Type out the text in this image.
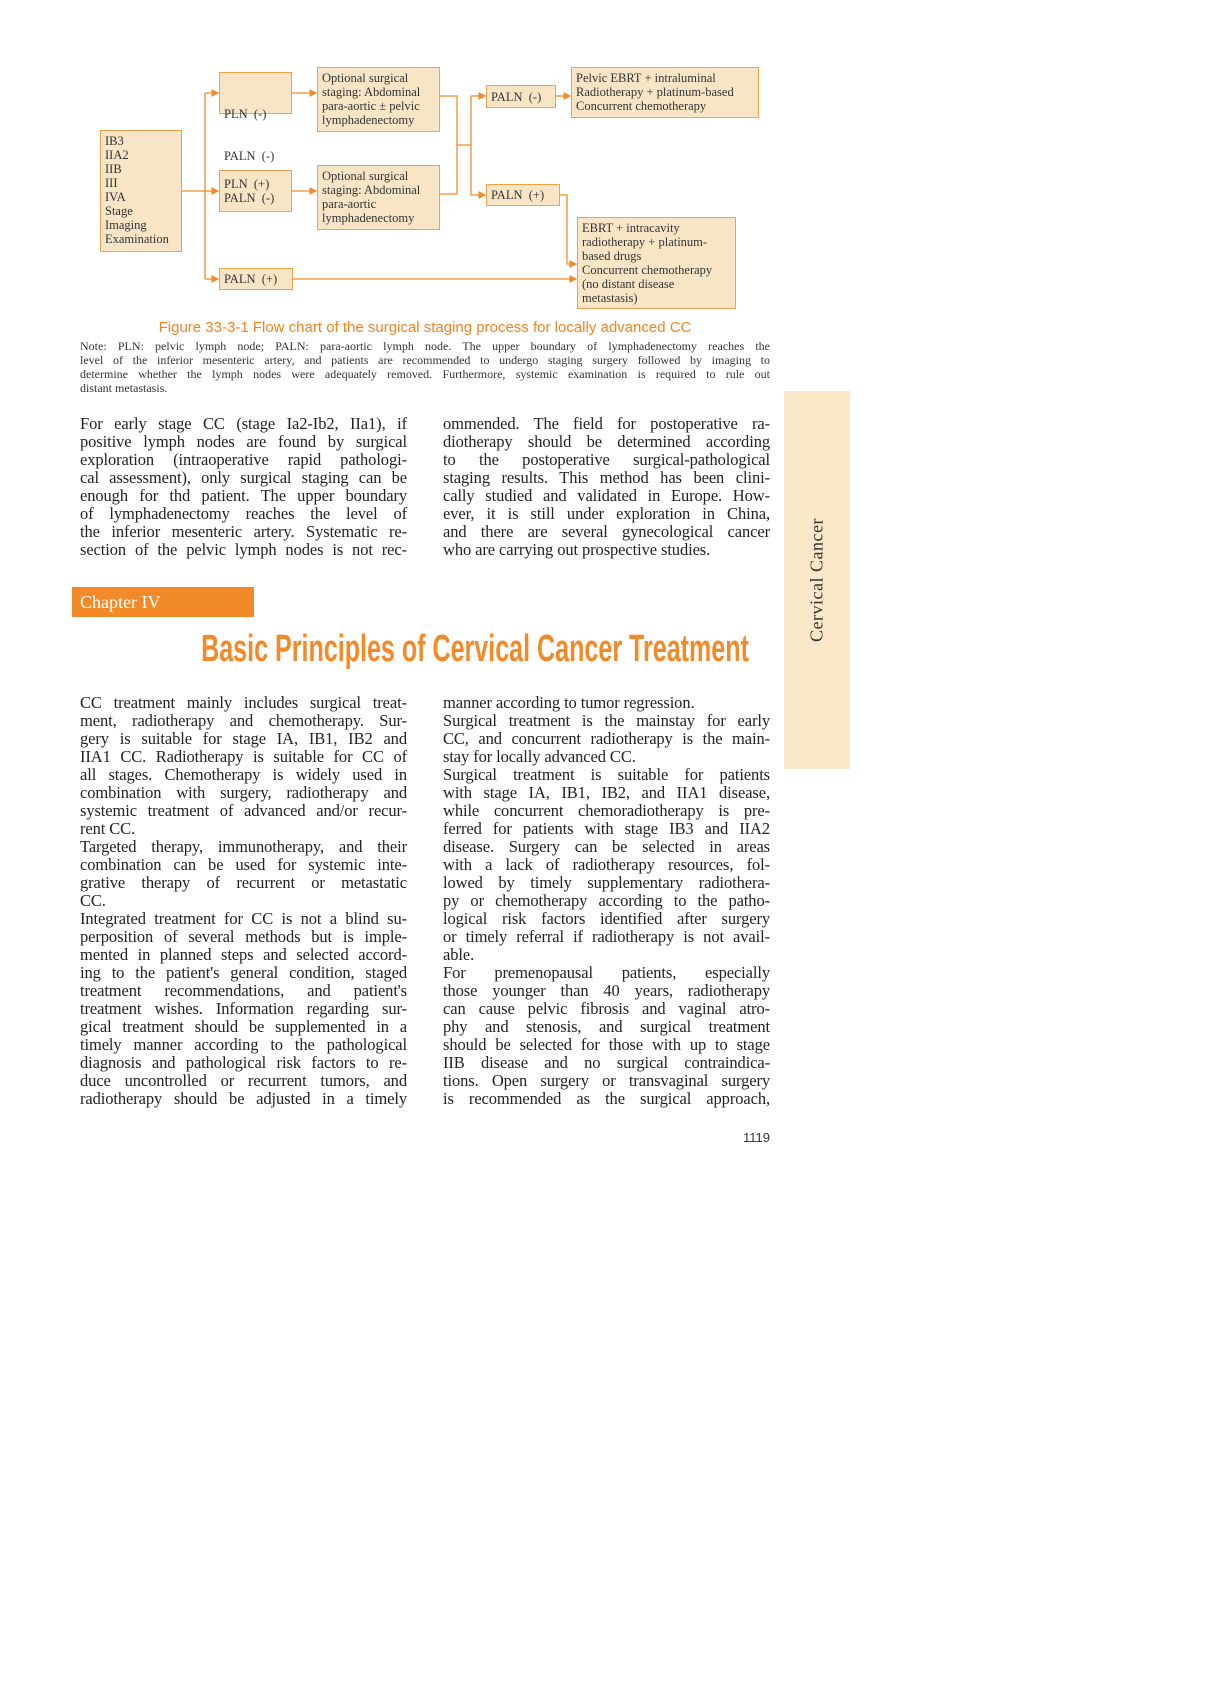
IB3
IIA2
IIB
III
IVA
Stage
Imaging
Examination

PLN  (-)

PALN  (-)

PLN  (+)
PALN  (-)
PALN  (+)
Optional surgical
staging: Abdominal
para-aortic ± pelvic
lymphadenectomy
Optional surgical
staging: Abdominal
para-aortic
lymphadenectomy
PALN  (-)
PALN  (+)
Pelvic EBRT + intraluminal
Radiotherapy + platinum-based
Concurrent chemotherapy
EBRT + intracavity
radiotherapy + platinum-
based drugs
Concurrent chemotherapy
(no distant disease
metastasis)
Figure 33-3-1 Flow chart of the surgical staging process for locally advanced CC
Note: PLN: pelvic lymph node; PALN: para-aortic lymph node. The upper boundary of lymphadenectomy reaches the
level of the inferior mesenteric artery, and patients are recommended to undergo staging surgery followed by imaging to
determine whether the lymph nodes were adequately removed. Furthermore, systemic examination is required to rule out
distant metastasis.
For early stage CC (stage Ia2-Ib2, IIa1), if
positive lymph nodes are found by surgical
exploration (intraoperative rapid pathologi-
cal assessment), only surgical staging can be
enough for thd patient. The upper boundary
of lymphadenectomy reaches the level of
the inferior mesenteric artery. Systematic re-
section of the pelvic lymph nodes is not rec-
ommended. The field for postoperative ra-
diotherapy should be determined according
to the postoperative surgical-pathological
staging results. This method has been clini-
cally studied and validated in Europe. How-
ever, it is still under exploration in China,
and there are several gynecological cancer
who are carrying out prospective studies.	Cervical Cancer
Chapter IV
Basic Principles of Cervical Cancer Treatment
CC treatment mainly includes surgical treat-
ment, radiotherapy and chemotherapy. Sur-
gery is suitable for stage IA, IB1, IB2 and
IIA1 CC. Radiotherapy is suitable for CC of
all stages. Chemotherapy is widely used in
combination with surgery, radiotherapy and
systemic treatment of advanced and/or recur-
rent CC.
Targeted therapy, immunotherapy, and their
combination can be used for systemic inte-
grative therapy of recurrent or metastatic
CC.
Integrated treatment for CC is not a blind su-
perposition of several methods but is imple-
mented in planned steps and selected accord-
ing to the patient's general condition, staged
treatment recommendations, and patient's
treatment wishes. Information regarding sur-
gical treatment should be supplemented in a
timely manner according to the pathological
diagnosis and pathological risk factors to re-
duce uncontrolled or recurrent tumors, and
radiotherapy should be adjusted in a timely
manner according to tumor regression.
Surgical treatment is the mainstay for early
CC, and concurrent radiotherapy is the main-
stay for locally advanced CC.
Surgical treatment is suitable for patients
with stage IA, IB1, IB2, and IIA1 disease,
while concurrent chemoradiotherapy is pre-
ferred for patients with stage IB3 and IIA2
disease. Surgery can be selected in areas
with a lack of radiotherapy resources, fol-
lowed by timely supplementary radiothera-
py or chemotherapy according to the patho-
logical risk factors identified after surgery
or timely referral if radiotherapy is not avail-
able.
For premenopausal patients, especially
those younger than 40 years, radiotherapy
can cause pelvic fibrosis and vaginal atro-
phy and stenosis, and surgical treatment
should be selected for those with up to stage
IIB disease and no surgical contraindica-
tions. Open surgery or transvaginal surgery
is recommended as the surgical approach,
1119
